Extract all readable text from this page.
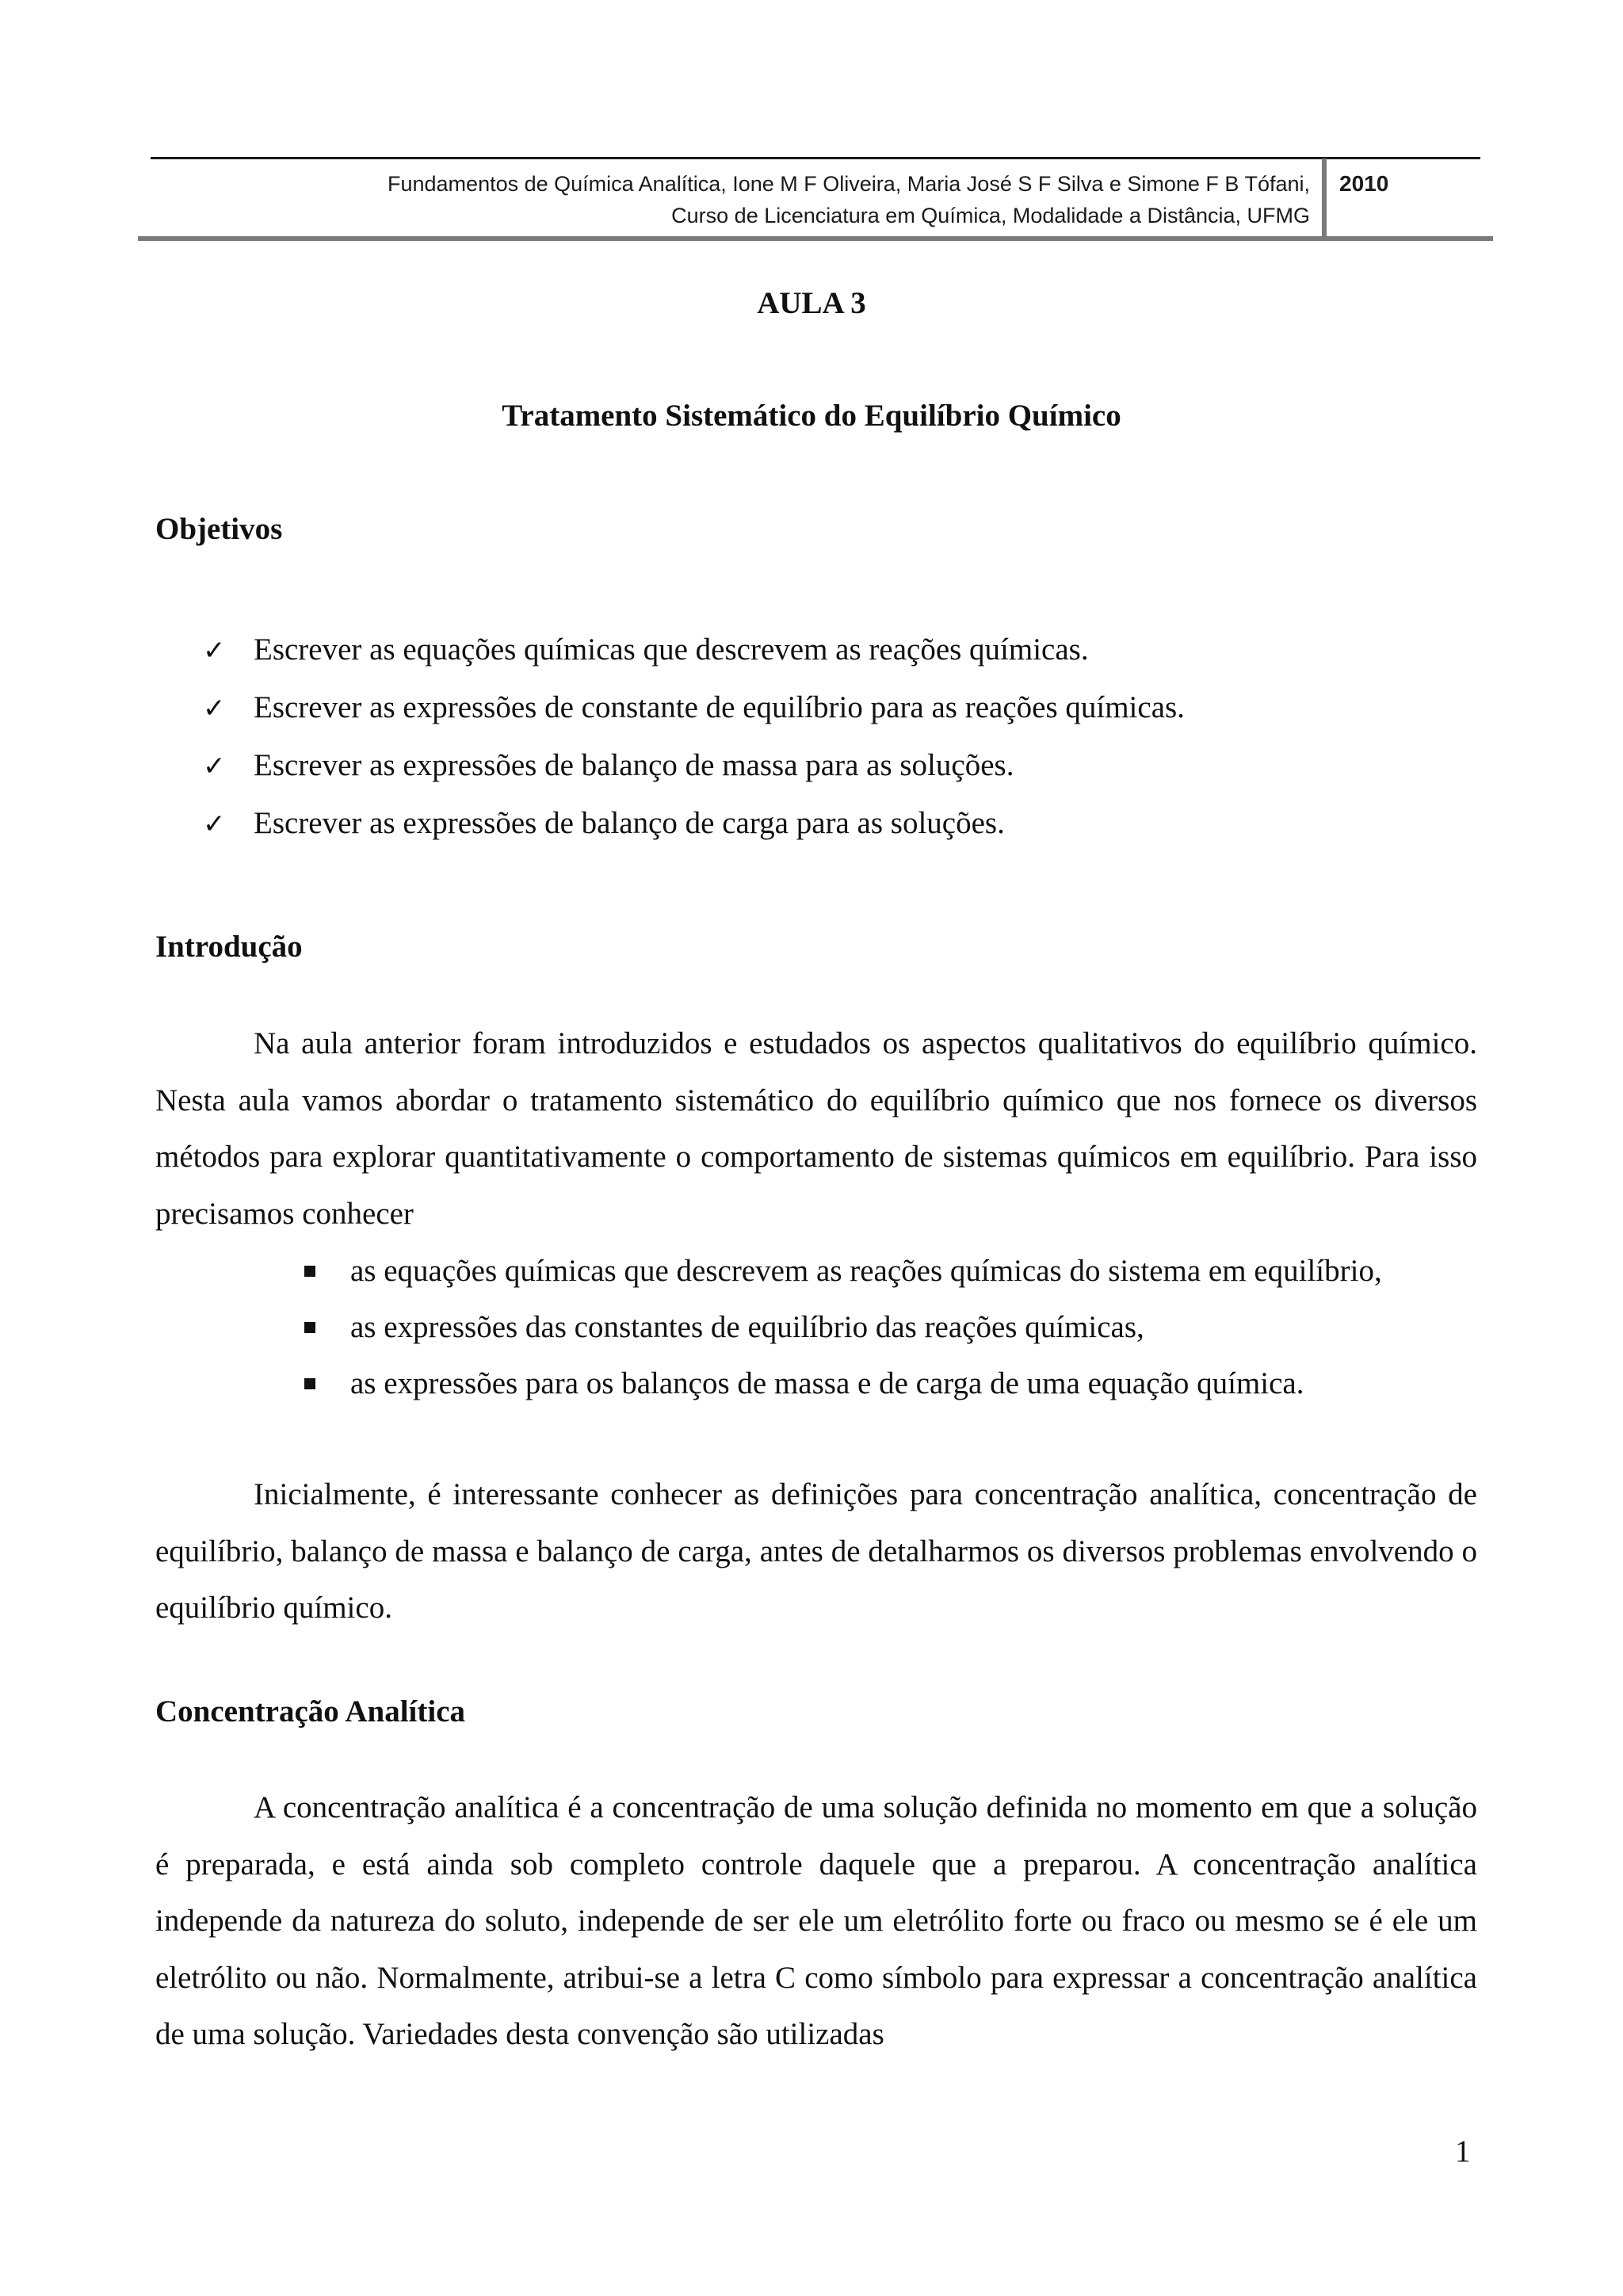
Fundamentos de Química Analítica, Ione M F Oliveira, Maria José S F Silva e Simone F B Tófani,
Curso de Licenciatura em Química, Modalidade a Distância, UFMG
2010
AULA 3
Tratamento Sistemático do Equilíbrio Químico
Objetivos
✓ Escrever as equações químicas que descrevem as reações químicas.
✓ Escrever as expressões de constante de equilíbrio para as reações químicas.
✓ Escrever as expressões de balanço de massa para as soluções.
✓ Escrever as expressões de balanço de carga para as soluções.
Introdução

Na aula anterior foram introduzidos e estudados os aspectos qualitativos do equilíbrio químico. Nesta aula vamos abordar o tratamento sistemático do equilíbrio químico que nos fornece os diversos métodos para explorar quantitativamente o comportamento de sistemas químicos em equilíbrio. Para isso precisamos conhecer

as equações químicas que descrevem as reações químicas do sistema em equilíbrio,
as expressões das constantes de equilíbrio das reações químicas,
as expressões para os balanços de massa e de carga de uma equação química.

Inicialmente, é interessante conhecer as definições para concentração analítica, concentração de equilíbrio, balanço de massa e balanço de carga, antes de detalharmos os diversos problemas envolvendo o equilíbrio químico.

Concentração Analítica

A concentração analítica é a concentração de uma solução definida no momento em que a solução é preparada, e está ainda sob completo controle daquele que a preparou. A concentração analítica independe da natureza do soluto, independe de ser ele um eletrólito forte ou fraco ou mesmo se é ele um eletrólito ou não. Normalmente, atribui-se a letra C como símbolo para expressar a concentração analítica de uma solução. Variedades desta convenção são utilizadas

1
